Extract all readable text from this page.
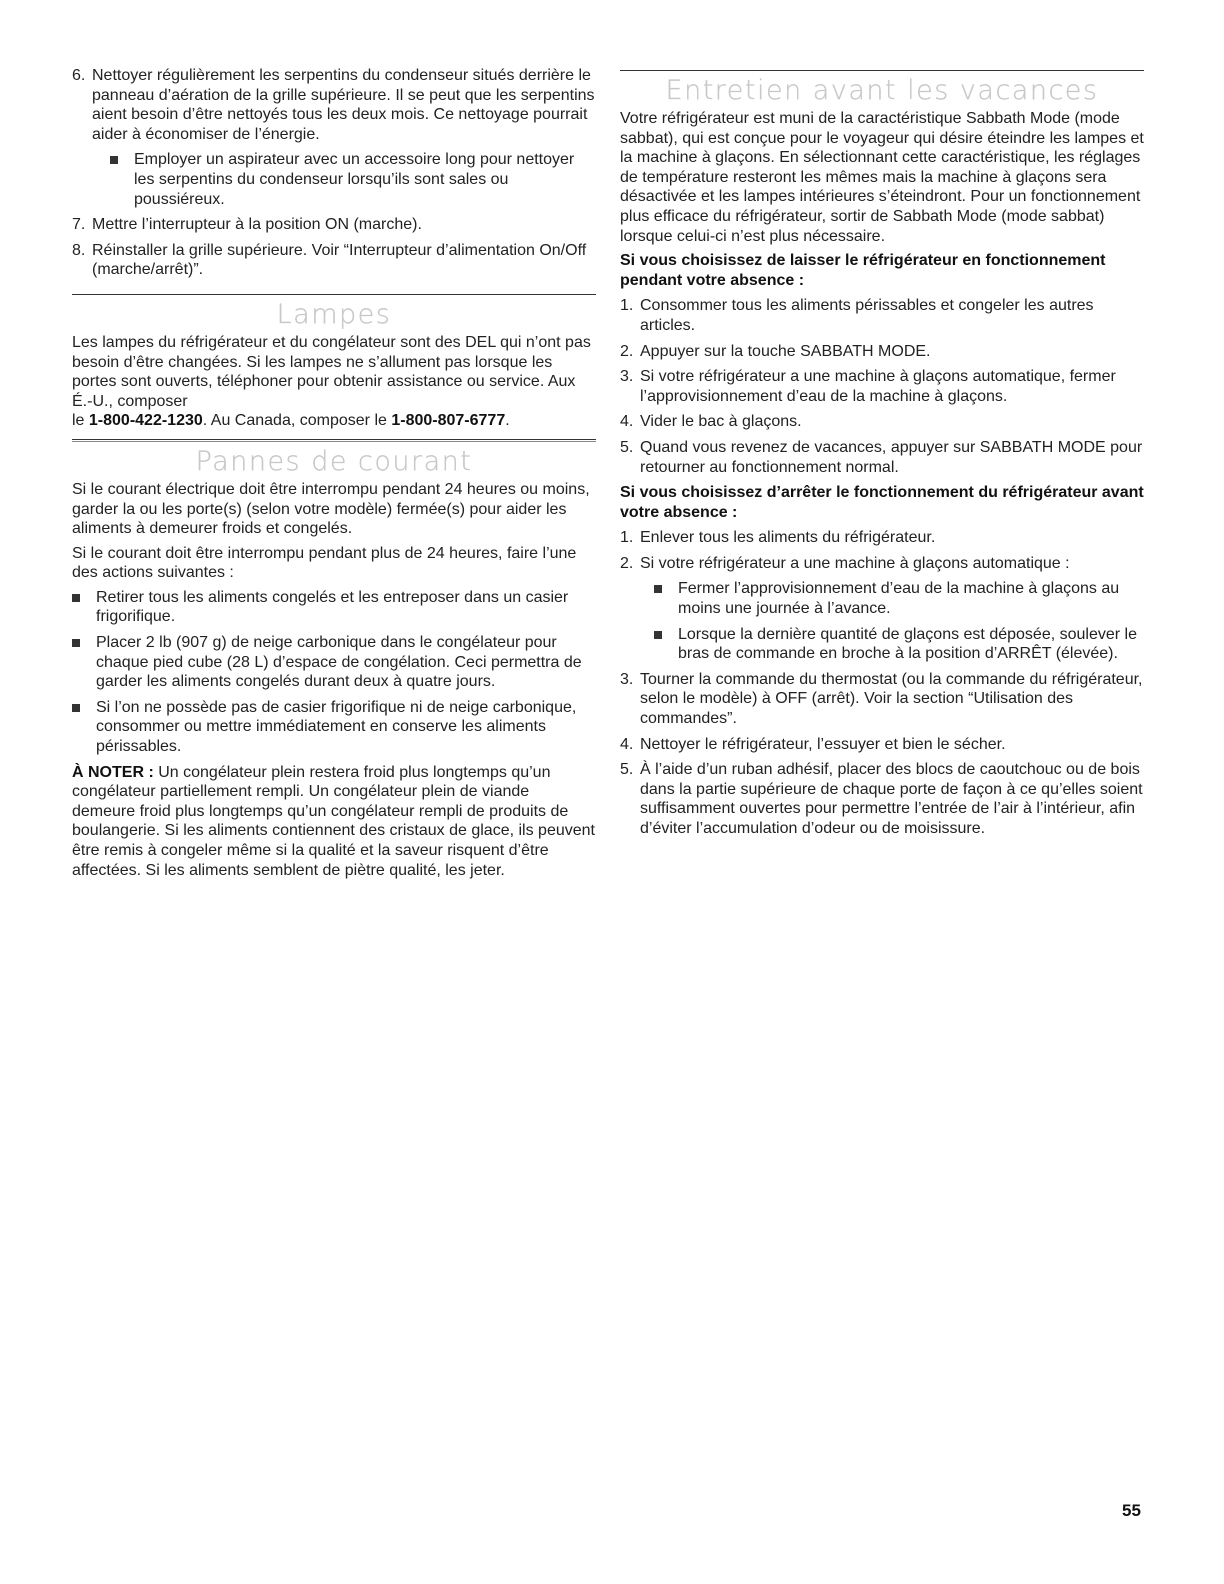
6. Nettoyer régulièrement les serpentins du condenseur situés derrière le panneau d’aération de la grille supérieure. Il se peut que les serpentins aient besoin d’être nettoyés tous les deux mois. Ce nettoyage pourrait aider à économiser de l’énergie.
Employer un aspirateur avec un accessoire long pour nettoyer les serpentins du condenseur lorsqu’ils sont sales ou poussiéreux.
7. Mettre l’interrupteur à la position ON (marche).
8. Réinstaller la grille supérieure. Voir “Interrupteur d’alimentation On/Off (marche/arrêt)”.
Lampes

Les lampes du réfrigérateur et du congélateur sont des DEL qui n’ont pas besoin d’être changées. Si les lampes ne s’allument pas lorsque les portes sont ouverts, téléphoner pour obtenir assistance ou service. Aux É.-U., composer
le 1-800-422-1230. Au Canada, composer le 1-800-807-6777.

Pannes de courant

Si le courant électrique doit être interrompu pendant 24 heures ou moins, garder la ou les porte(s) (selon votre modèle) fermée(s) pour aider les aliments à demeurer froids et congelés.

Si le courant doit être interrompu pendant plus de 24 heures, faire l’une des actions suivantes :

Retirer tous les aliments congelés et les entreposer dans un casier frigorifique.
Placer 2 lb (907 g) de neige carbonique dans le congélateur pour chaque pied cube (28 L) d’espace de congélation. Ceci permettra de garder les aliments congelés durant deux à quatre jours.
Si l’on ne possède pas de casier frigorifique ni de neige carbonique, consommer ou mettre immédiatement en conserve les aliments périssables.

À NOTER : Un congélateur plein restera froid plus longtemps qu’un congélateur partiellement rempli. Un congélateur plein de viande demeure froid plus longtemps qu’un congélateur rempli de produits de boulangerie. Si les aliments contiennent des cristaux de glace, ils peuvent être remis à congeler même si la qualité et la saveur risquent d’être affectées. Si les aliments semblent de piètre qualité, les jeter.

Entretien avant les vacances

Votre réfrigérateur est muni de la caractéristique Sabbath Mode (mode sabbat), qui est conçue pour le voyageur qui désire éteindre les lampes et la machine à glaçons. En sélectionnant cette caractéristique, les réglages de température resteront les mêmes mais la machine à glaçons sera désactivée et les lampes intérieures s’éteindront. Pour un fonctionnement plus efficace du réfrigérateur, sortir de Sabbath Mode (mode sabbat) lorsque celui-ci n’est plus nécessaire.

Si vous choisissez de laisser le réfrigérateur en fonctionnement pendant votre absence :
1. Consommer tous les aliments périssables et congeler les autres articles.
2. Appuyer sur la touche SABBATH MODE.
3. Si votre réfrigérateur a une machine à glaçons automatique, fermer l’approvisionnement d’eau de la machine à glaçons.
4. Vider le bac à glaçons.
5. Quand vous revenez de vacances, appuyer sur SABBATH MODE pour retourner au fonctionnement normal.
Si vous choisissez d’arrêter le fonctionnement du réfrigérateur avant votre absence :
1. Enlever tous les aliments du réfrigérateur.
2. Si votre réfrigérateur a une machine à glaçons automatique :
Fermer l’approvisionnement d’eau de la machine à glaçons au moins une journée à l’avance.
Lorsque la dernière quantité de glaçons est déposée, soulever le bras de commande en broche à la position d’ARRÊT (élevée).
3. Tourner la commande du thermostat (ou la commande du réfrigérateur, selon le modèle) à OFF (arrêt). Voir la section “Utilisation des commandes”.
4. Nettoyer le réfrigérateur, l’essuyer et bien le sécher.
5. À l’aide d’un ruban adhésif, placer des blocs de caoutchouc ou de bois dans la partie supérieure de chaque porte de façon à ce qu’elles soient suffisamment ouvertes pour permettre l’entrée de l’air à l’intérieur, afin d’éviter l’accumulation d’odeur ou de moisissure.
55
